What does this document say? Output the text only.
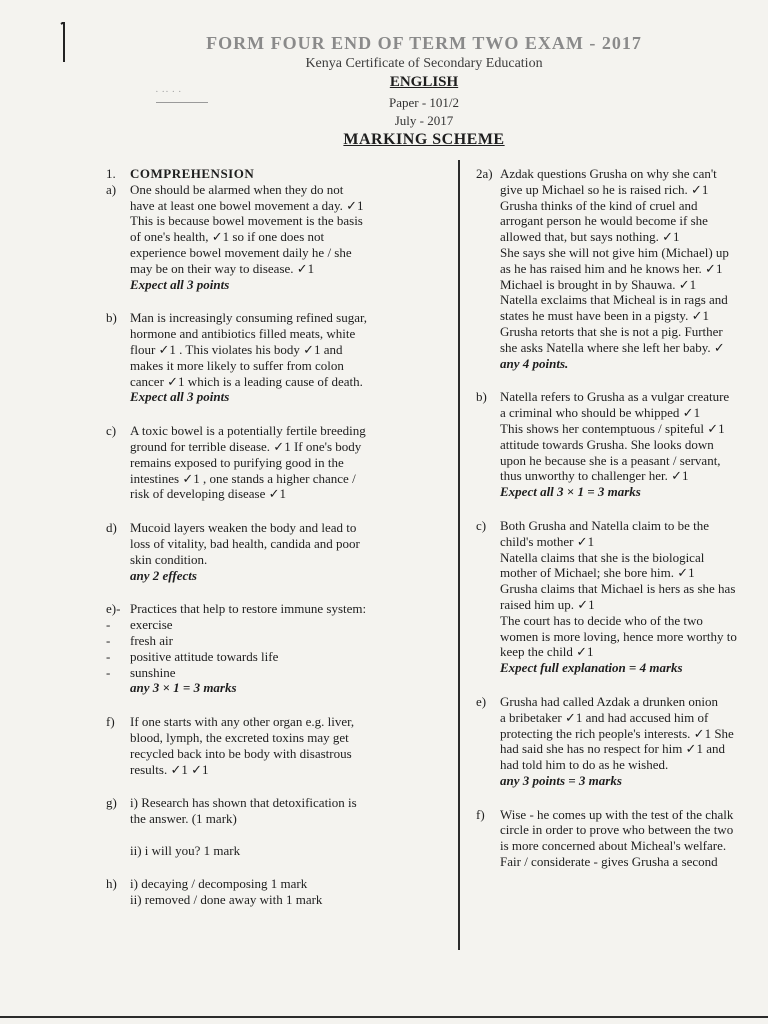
· ·· · ·
FORM FOUR END OF TERM TWO EXAM - 2017
Kenya Certificate of Secondary Education
ENGLISH
Paper - 101/2
July - 2017
MARKING SCHEME
1. COMPREHENSION
a) One should be alarmed when they do not
have at least one bowel movement a day. ✓1
This is because bowel movement is the basis
of one's health, ✓1 so if one does not
experience bowel movement daily he / she
may be on their way to disease. ✓1
Expect all 3 points
b) Man is increasingly consuming refined sugar,
hormone and antibiotics filled meats, white
flour ✓1 . This violates his body ✓1 and
makes it more likely to suffer from colon
cancer ✓1 which is a leading cause of death.
Expect all 3 points
c) A toxic bowel is a potentially fertile breeding
ground for terrible disease. ✓1 If one's body
remains exposed to purifying good in the
intestines ✓1 , one stands a higher chance /
risk of developing disease ✓1
d) Mucoid layers weaken the body and lead to
loss of vitality, bad health, candida and poor
skin condition.
any 2 effects
e)- Practices that help to restore immune system:
- exercise
- fresh air
- positive attitude towards life
- sunshine
any 3 × 1 = 3 marks
f) If one starts with any other organ e.g. liver,
blood, lymph, the excreted toxins may get
recycled back into be body with disastrous
results. ✓1 ✓1
g) i) Research has shown that detoxification is
the answer. (1 mark)

ii) i will you? 1 mark
h) i) decaying / decomposing 1 mark
ii) removed / done away with 1 mark
2a) Azdak questions Grusha on why she can't
give up Michael so he is raised rich. ✓1
Grusha thinks of the kind of cruel and
arrogant person he would become if she
allowed that, but says nothing. ✓1
She says she will not give him (Michael) up
as he has raised him and he knows her. ✓1
Michael is brought in by Shauwa. ✓1
Natella exclaims that Micheal is in rags and
states he must have been in a pigsty. ✓1
Grusha retorts that she is not a pig. Further
she asks Natella where she left her baby. ✓
any 4 points.
b) Natella refers to Grusha as a vulgar creature
a criminal who should be whipped ✓1
This shows her contemptuous / spiteful ✓1
attitude towards Grusha. She looks down
upon he because she is a peasant / servant,
thus unworthy to challenger her. ✓1
Expect all 3 × 1 = 3 marks
c) Both Grusha and Natella claim to be the
child's mother ✓1
Natella claims that she is the biological
mother of Michael; she bore him. ✓1
Grusha claims that Michael is hers as she has
raised him up. ✓1
The court has to decide who of the two
women is more loving, hence more worthy to
keep the child ✓1
Expect full explanation = 4 marks
e) Grusha had called Azdak a drunken onion
a bribetaker ✓1 and had accused him of
protecting the rich people's interests. ✓1 She
had said she has no respect for him ✓1 and
had told him to do as he wished.
any 3 points = 3 marks
f) Wise - he comes up with the test of the chalk
circle in order to prove who between the two
is more concerned about Micheal's welfare.
Fair / considerate - gives Grusha a second
